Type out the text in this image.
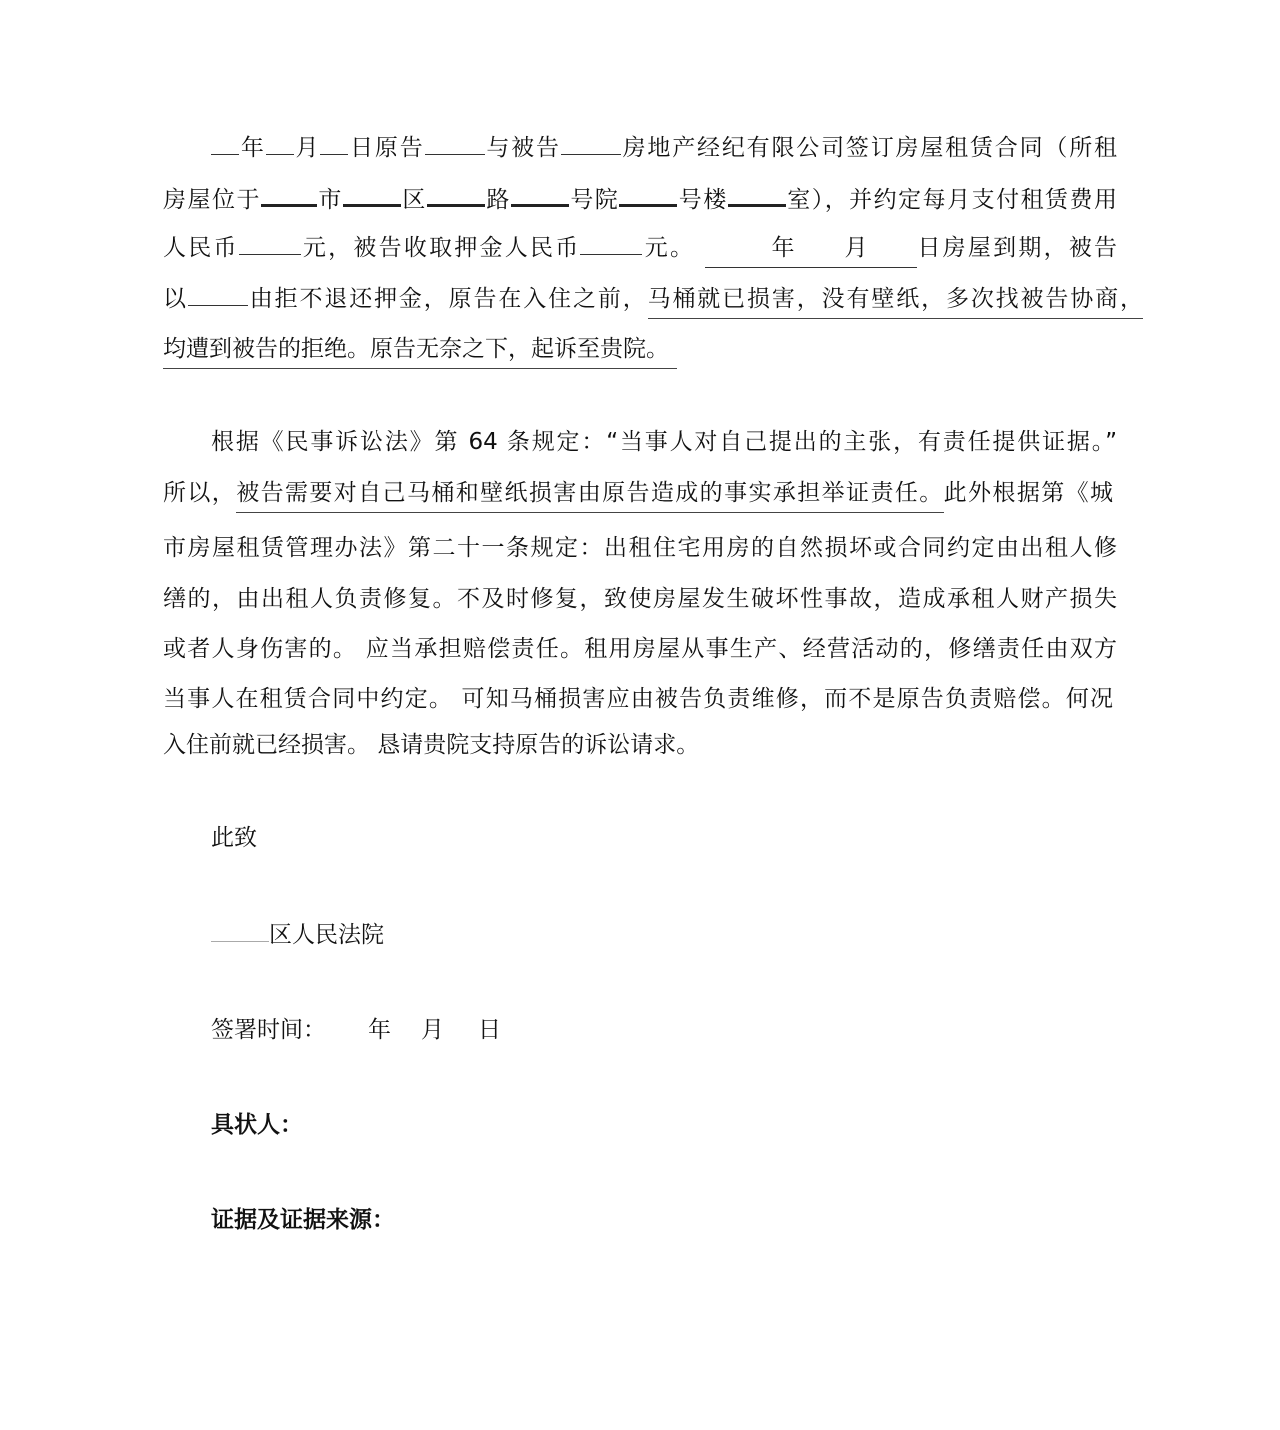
年 月 日原告	与被告	房地产经纪有限公司签订房屋租赁合同（所租
房屋位于 市	区	路	号院	号楼	室），并约定每月支付租赁费用
人民币	元，被告收取押金人民币	元。	年 月 日房屋到期，被告
以	由拒不退还押金，原告在入住之前，马桶就已损害，没有壁纸，多次找被告协商，
均遭到被告的拒绝。原告无奈之下，起诉至贵院。
根据《民事诉讼法》第 64 条规定：“当事人对自己提出的主张，有责任提供证据。”
所以，被告需要对自己马桶和壁纸损害由原告造成的事实承担举证责任。此外根据第《城
市房屋租赁管理办法》第二十一条规定：出租住宅用房的自然损坏或合同约定由出租人修
缮的，由出租人负责修复。不及时修复，致使房屋发生破坏性事故，造成承租人财产损失
或者人身伤害的。 应当承担赔偿责任。租用房屋从事生产、经营活动的，修缮责任由双方
当事人在租赁合同中约定。 可知马桶损害应由被告负责维修，而不是原告负责赔偿。何况
入住前就已经损害。 恳请贵院支持原告的诉讼请求。
此致
区人民法院
签署时间： 年 月 日
具状人：
证据及证据来源：
